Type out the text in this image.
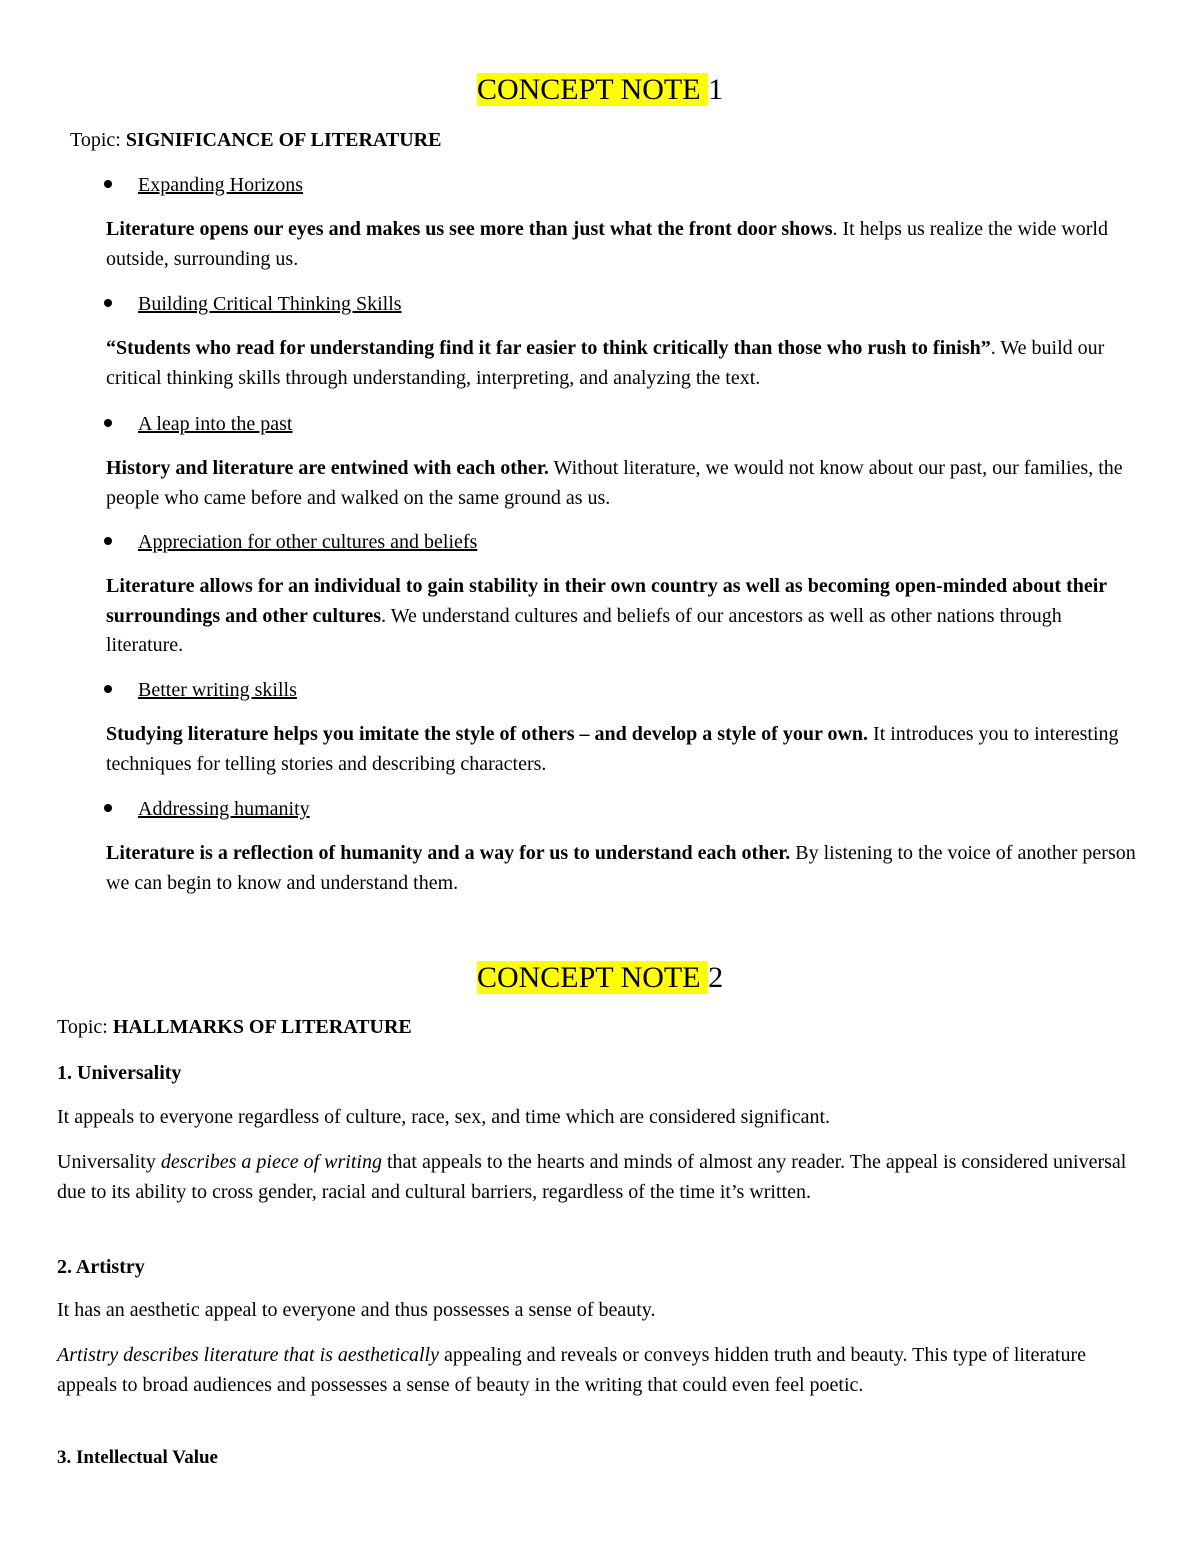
CONCEPT NOTE 1

Topic: SIGNIFICANCE OF LITERATURE

Expanding Horizons

Literature opens our eyes and makes us see more than just what the front door shows. It helps us realize the wide world outside, surrounding us.

Building Critical Thinking Skills

“Students who read for understanding find it far easier to think critically than those who rush to finish”. We build our critical thinking skills through understanding, interpreting, and analyzing the text.

A leap into the past

History and literature are entwined with each other. Without literature, we would not know about our past, our families, the people who came before and walked on the same ground as us.

Appreciation for other cultures and beliefs

Literature allows for an individual to gain stability in their own country as well as becoming open-minded about their surroundings and other cultures. We understand cultures and beliefs of our ancestors as well as other nations through literature.

Better writing skills

Studying literature helps you imitate the style of others – and develop a style of your own. It introduces you to interesting techniques for telling stories and describing characters.

Addressing humanity

Literature is a reflection of humanity and a way for us to understand each other. By listening to the voice of another person we can begin to know and understand them.

CONCEPT NOTE 2

Topic: HALLMARKS OF LITERATURE

1. Universality

It appeals to everyone regardless of culture, race, sex, and time which are considered significant.

Universality describes a piece of writing that appeals to the hearts and minds of almost any reader. The appeal is considered universal due to its ability to cross gender, racial and cultural barriers, regardless of the time it’s written.

2. Artistry

It has an aesthetic appeal to everyone and thus possesses a sense of beauty.

Artistry describes literature that is aesthetically appealing and reveals or conveys hidden truth and beauty. This type of literature appeals to broad audiences and possesses a sense of beauty in the writing that could even feel poetic.

3. Intellectual Value
